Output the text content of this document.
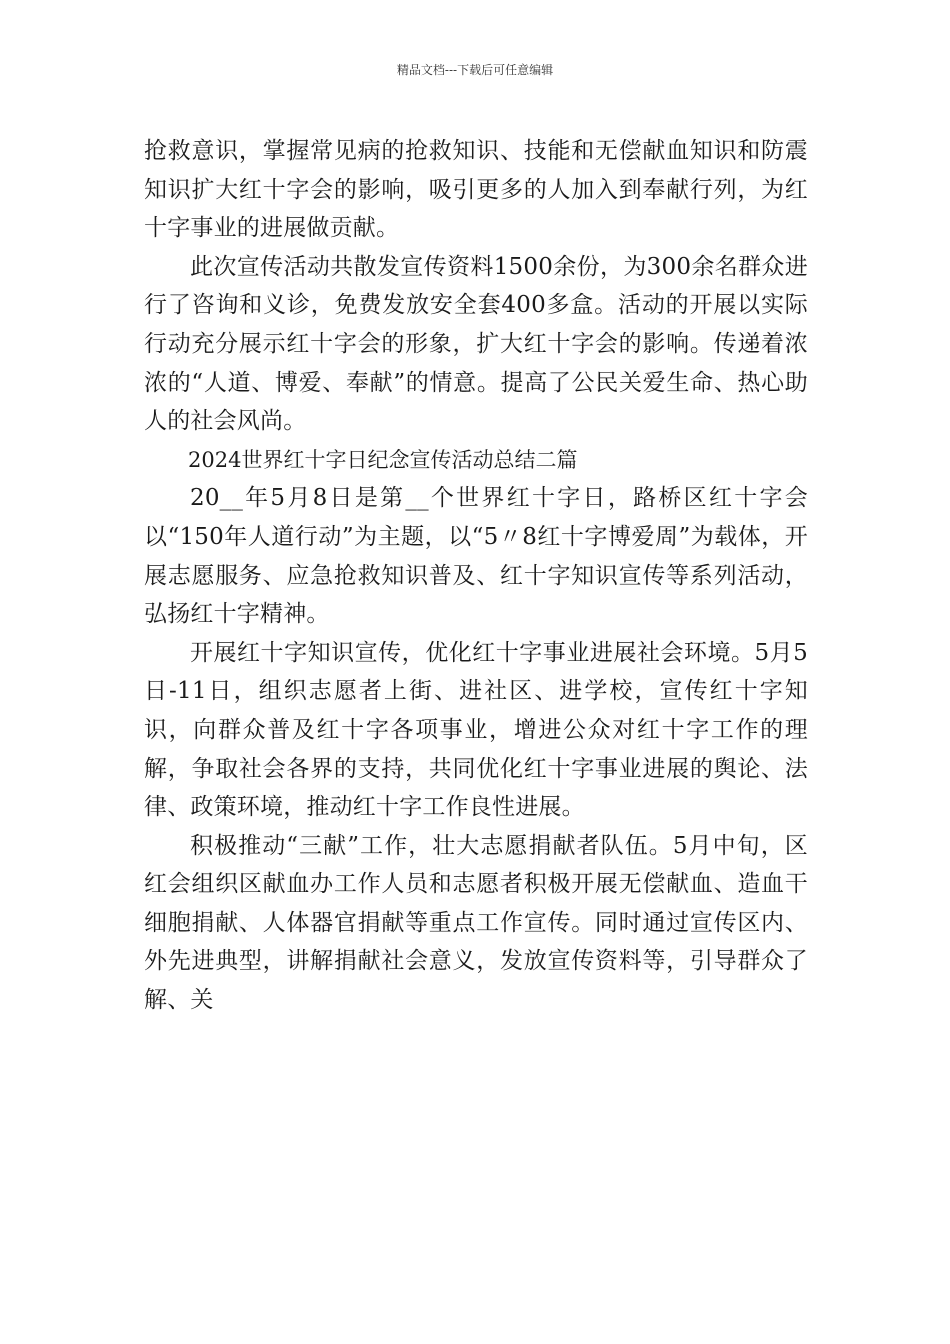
精品文档---下载后可任意编辑

抢救意识，掌握常见病的抢救知识、技能和无偿献血知识和防震知识扩大红十字会的影响，吸引更多的人加入到奉献行列，为红十字事业的进展做贡献。

此次宣传活动共散发宣传资料1500余份，为300余名群众进行了咨询和义诊，免费发放安全套400多盒。活动的开展以实际行动充分展示红十字会的形象，扩大红十字会的影响。传递着浓浓的“人道、博爱、奉献”的情意。提高了公民关爱生命、热心助人的社会风尚。

2024世界红十字日纪念宣传活动总结二篇

20__年5月8日是第__个世界红十字日，路桥区红十字会以“150年人道行动”为主题，以“5〃8红十字博爱周”为载体，开展志愿服务、应急抢救知识普及、红十字知识宣传等系列活动，弘扬红十字精神。

开展红十字知识宣传，优化红十字事业进展社会环境。5月5日-11日，组织志愿者上街、进社区、进学校，宣传红十字知识，向群众普及红十字各项事业，增进公众对红十字工作的理解，争取社会各界的支持，共同优化红十字事业进展的舆论、法律、政策环境，推动红十字工作良性进展。

积极推动“三献”工作，壮大志愿捐献者队伍。5月中旬，区红会组织区献血办工作人员和志愿者积极开展无偿献血、造血干细胞捐献、人体器官捐献等重点工作宣传。同时通过宣传区内、外先进典型，讲解捐献社会意义，发放宣传资料等，引导群众了解、关
